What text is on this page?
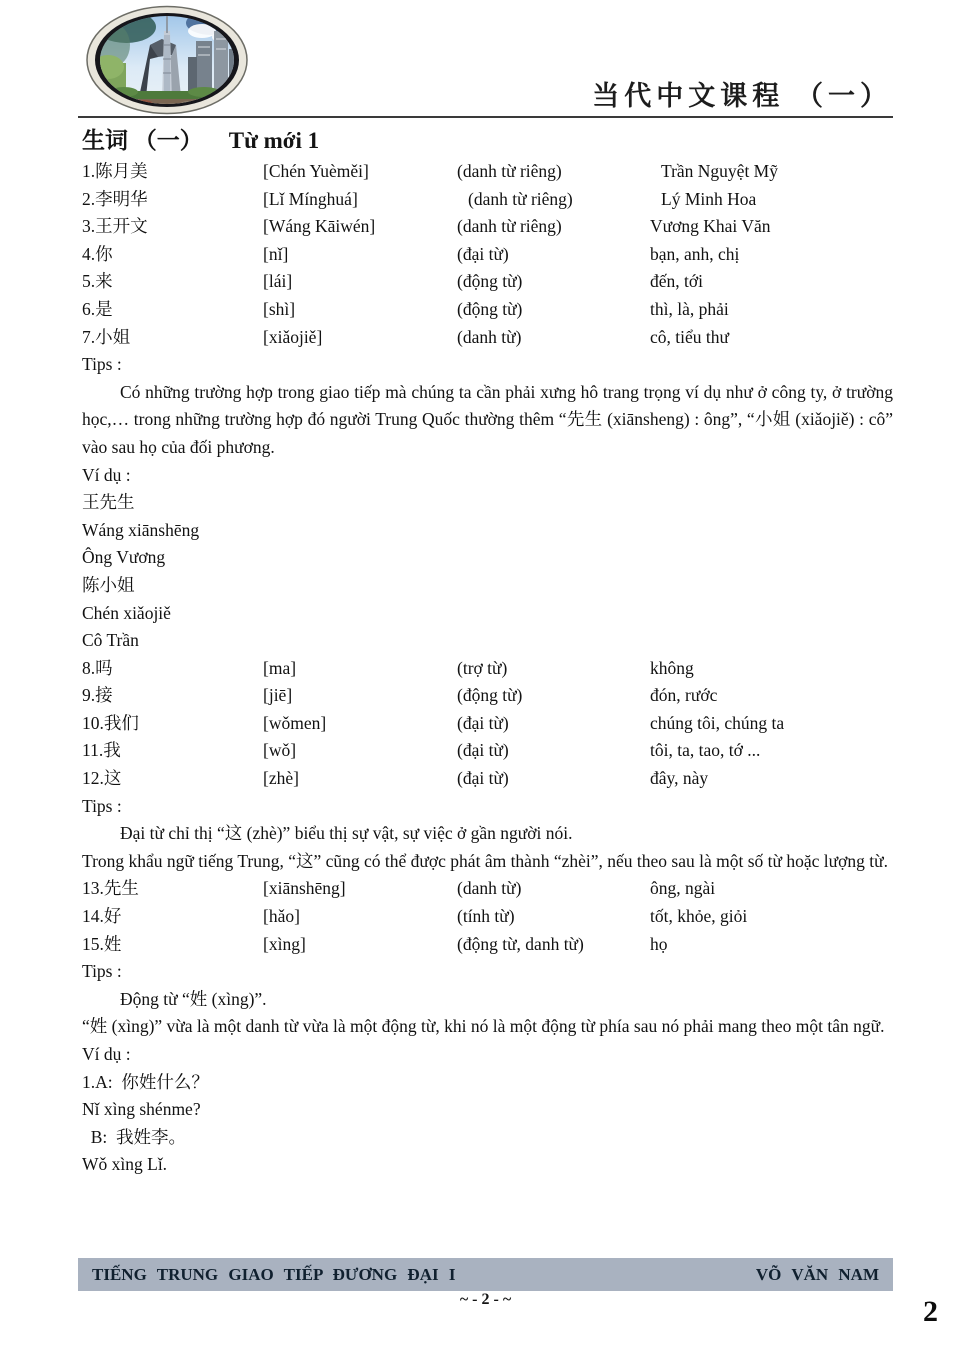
当代中文课程 （一）
生词 （一） Từ mới 1
1.陈月美	[Chén Yuèměi]	(danh từ riêng)	Trần Nguyệt Mỹ
2.李明华	[Lǐ Mínghuá]	(danh từ riêng)	Lý Minh Hoa
3.王开文	[Wáng Kāiwén]	(danh từ riêng)	Vương Khai Văn
4.你	[nǐ]	(đại từ)	bạn, anh, chị
5.来	[lái]	(động từ)	đến, tới
6.是	[shì]	(động từ)	thì, là, phải
7.小姐	[xiǎojiě]	(danh từ)	cô, tiểu thư
Tips :
Có những trường hợp trong giao tiếp mà chúng ta cần phải xưng hô trang trọng ví dụ như ở công ty, ở trường học,… trong những trường hợp đó người Trung Quốc thường thêm “先生 (xiānsheng) : ông”, “小姐 (xiǎojiě) : cô” vào sau họ của đối phương.
Ví dụ :
王先生
Wáng xiānshēng
Ông Vương
陈小姐
Chén xiǎojiě
Cô Trần
8.吗	[ma]	(trợ từ)	không
9.接	[jiē]	(động từ)	đón, rước
10.我们	[wǒmen]	(đại từ)	chúng tôi, chúng ta
11.我	[wǒ]	(đại từ)	tôi, ta, tao, tớ ...
12.这	[zhè]	(đại từ)	đây, này
Tips :
Đại từ chỉ thị “这 (zhè)” biểu thị sự vật, sự việc ở gần người nói.
Trong khẩu ngữ tiếng Trung, “这” cũng có thể được phát âm thành “zhèi”, nếu theo sau là một số từ hoặc lượng từ.
13.先生	[xiānshēng]	(danh từ)	ông, ngài
14.好	[hǎo]	(tính từ)	tốt, khỏe, giỏi
15.姓	[xìng]	(động từ, danh từ)	họ
Tips :
Động từ “姓 (xìng)”.
“姓 (xìng)” vừa là một danh từ vừa là một động từ, khi nó là một động từ phía sau nó phải mang theo một tân ngữ.
Ví dụ :
1.A:  你姓什么？
Nǐ xìng shénme?
B:  我姓李。
Wǒ xìng Lǐ.
TIẾNG TRUNG GIAO TIẾP ĐƯƠNG ĐẠI I	VÕ VĂN NAM
~ - 2 - ~	2
